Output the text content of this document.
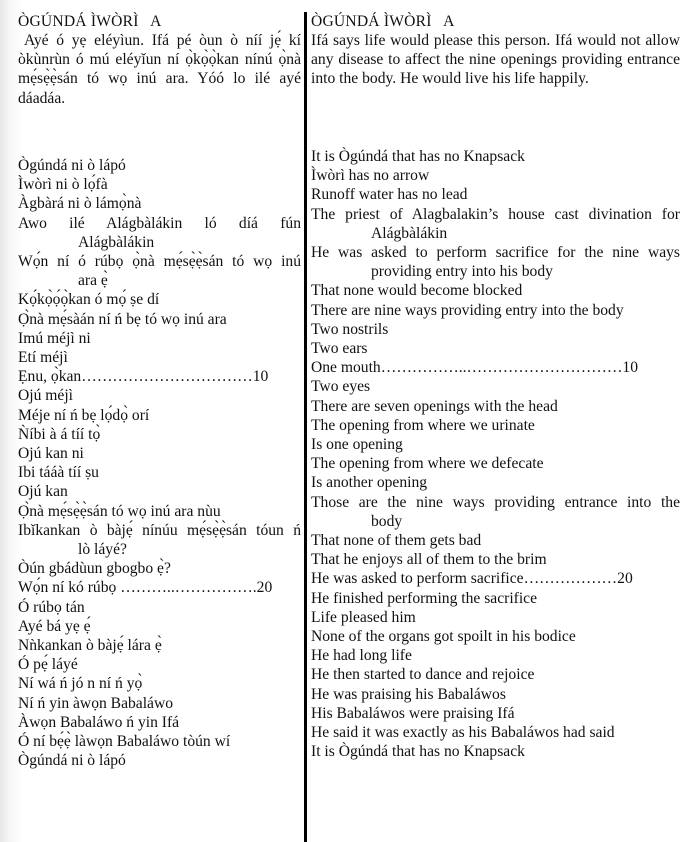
ÒGÚNDÁ ÌWÒRÌ   A
Ayé ó yẹ eléyìun. Ifá pé òun ò níí jẹ́ kí òkùnrùn ó mú eléyǐun ní ọ̀kọ̀ọ̀kan nínú ọ̀nà mẹ́sẹ̀ẹ̀sán tó wọ inú ara. Yóó lo ilé ayé dáadáa.
Ògúndá ni ò lápó
Ìwòrì ni ò lọ́fà
Àgbàrá ni ò lámọ̀nà
Awo ilé Alágbàlákin ló díá fún
Alágbàlákin
Wọ́n ní ó rúbọ ọ̀nà mẹ́sẹ̀ẹ̀sán tó wọ inú
ara ẹ̀
Kọ́kọ̀ọ́ọ̀kan ó mọ́ ṣe dí
Ọ̀nà mẹ́sàán ní ń bẹ tó wọ inú ara
Imú méjì ni
Etí méjì
Ẹnu, ọ̀kan……………………………10
Ojú méjì
Méje ní ń bẹ lọ́dọ̀ orí
Ǹíbi à á tíí tọ̀
Ojú kan ni
Ibi tááà tíí ṣu
Ojú kan
Ọ̀nà mẹ́sẹ̀ẹ̀sán tó wọ inú ara nùu
Ibǐkankan ò bàjẹ́ nínúu mẹ́sẹ̀ẹ̀sán tóun ń
lò láyé?
Òún gbádùun gbogbo ẹ̀?
Wọ́n ní kó rúbọ ………..…………….20
Ó rúbọ tán
Ayé bá yẹ ẹ́
Nǹkankan ò bàjẹ́ lára ẹ̀
Ó pẹ́ láyé
Ní wá ń jó n ní ń yọ̀
Ní ń yin àwọn Babaláwo
Àwọn Babaláwo ń yin Ifá
Ó ní bẹ́ẹ̀ làwọn Babaláwo tòún wí
Ògúndá ni ò lápó
ÒGÚNDÁ ÌWÒRÌ   A
Ifá says life would please this person. Ifá would not allow any disease to affect the nine openings providing entrance into the body. He would live his life happily.
It is Ògúndá that has no Knapsack
Ìwòrì has no arrow
Runoff water has no lead
The priest of Alagbalakin’s house cast divination for
Alágbàlákin
He was asked to perform sacrifice for the nine ways
providing entry into his body
That none would become blocked
There are nine ways providing entry into the body
Two nostrils
Two ears
One mouth……………..…………………………10
Two eyes
There are seven openings with the head
The opening from where we urinate
Is one opening
The opening from where we defecate
Is another opening
Those are the nine ways providing entrance into the
body
That none of them gets bad
That he enjoys all of them to the brim
He was asked to perform sacrifice………………20
He finished performing the sacrifice
Life pleased him
None of the organs got spoilt in his bodice
He had long life
He then started to dance and rejoice
He was praising his Babaláwos
His Babaláwos were praising Ifá
He said it was exactly as his Babaláwos had said
It is Ògúndá that has no Knapsack
